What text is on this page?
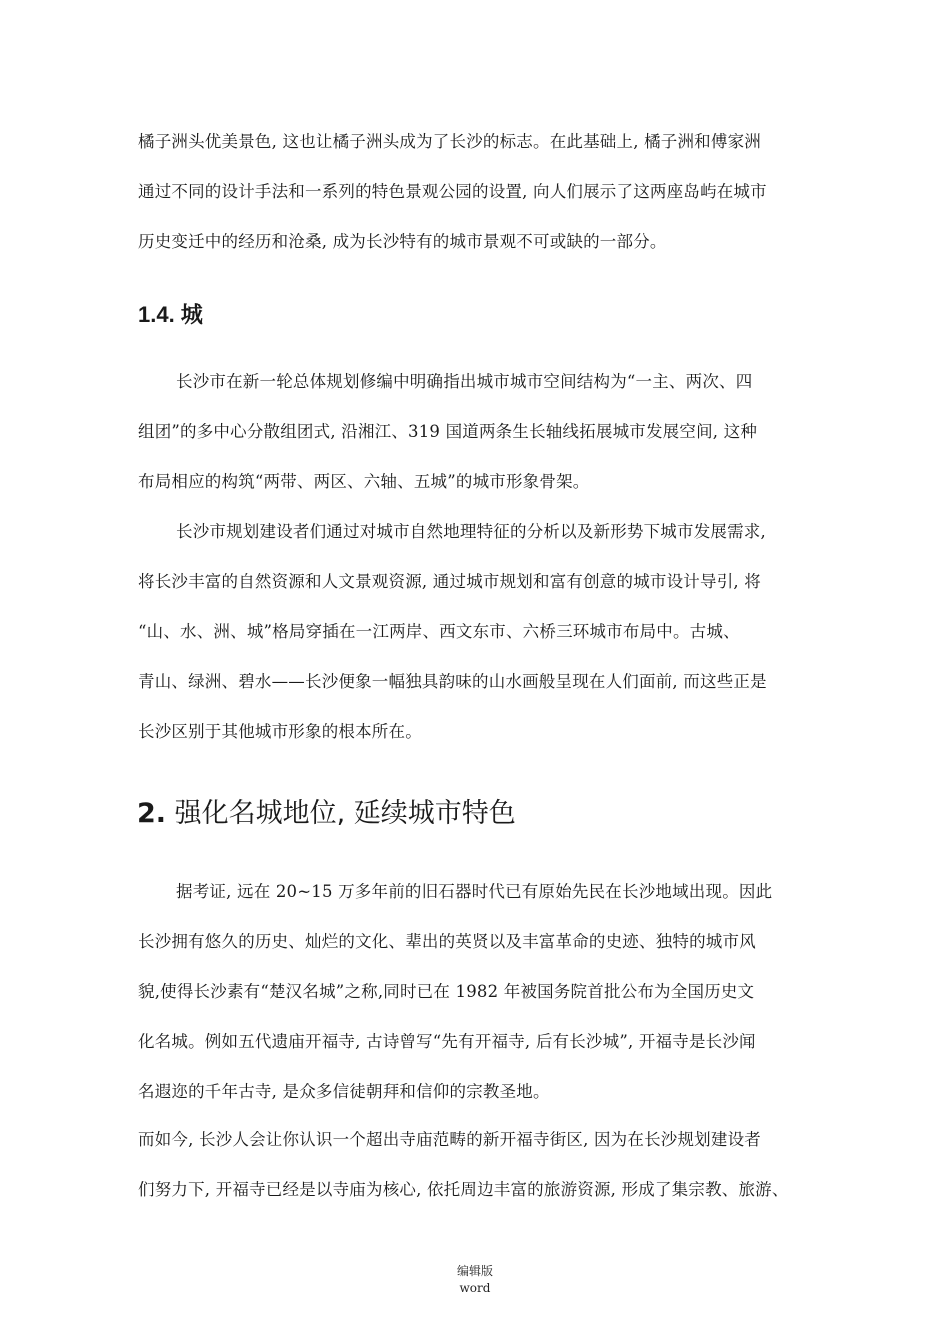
橘子洲头优美景色, 这也让橘子洲头成为了长沙的标志。在此基础上, 橘子洲和傅家洲
通过不同的设计手法和一系列的特色景观公园的设置, 向人们展示了这两座岛屿在城市
历史变迁中的经历和沧桑, 成为长沙特有的城市景观不可或缺的一部分。
1.4. 城
长沙市在新一轮总体规划修编中明确指出城市城市空间结构为“一主、两次、四
组团”的多中心分散组团式, 沿湘江、319 国道两条生长轴线拓展城市发展空间, 这种
布局相应的构筑“两带、两区、六轴、五城”的城市形象骨架。
长沙市规划建设者们通过对城市自然地理特征的分析以及新形势下城市发展需求,
将长沙丰富的自然资源和人文景观资源, 通过城市规划和富有创意的城市设计导引, 将
“山、水、洲、城”格局穿插在一江两岸、西文东市、六桥三环城市布局中。古城、
青山、绿洲、碧水——长沙便象一幅独具韵味的山水画般呈现在人们面前, 而这些正是
长沙区别于其他城市形象的根本所在。
2. 强化名城地位, 延续城市特色
据考证, 远在 20~15 万多年前的旧石器时代已有原始先民在长沙地域出现。因此
长沙拥有悠久的历史、灿烂的文化、辈出的英贤以及丰富革命的史迹、独特的城市风
貌,使得长沙素有“楚汉名城”之称,同时已在 1982 年被国务院首批公布为全国历史文
化名城。例如五代遗庙开福寺, 古诗曾写“先有开福寺, 后有长沙城”, 开福寺是长沙闻
名遐迩的千年古寺, 是众多信徒朝拜和信仰的宗教圣地。
而如今, 长沙人会让你认识一个超出寺庙范畴的新开福寺街区, 因为在长沙规划建设者
们努力下, 开福寺已经是以寺庙为核心, 依托周边丰富的旅游资源, 形成了集宗教、旅游、
编辑版
word
